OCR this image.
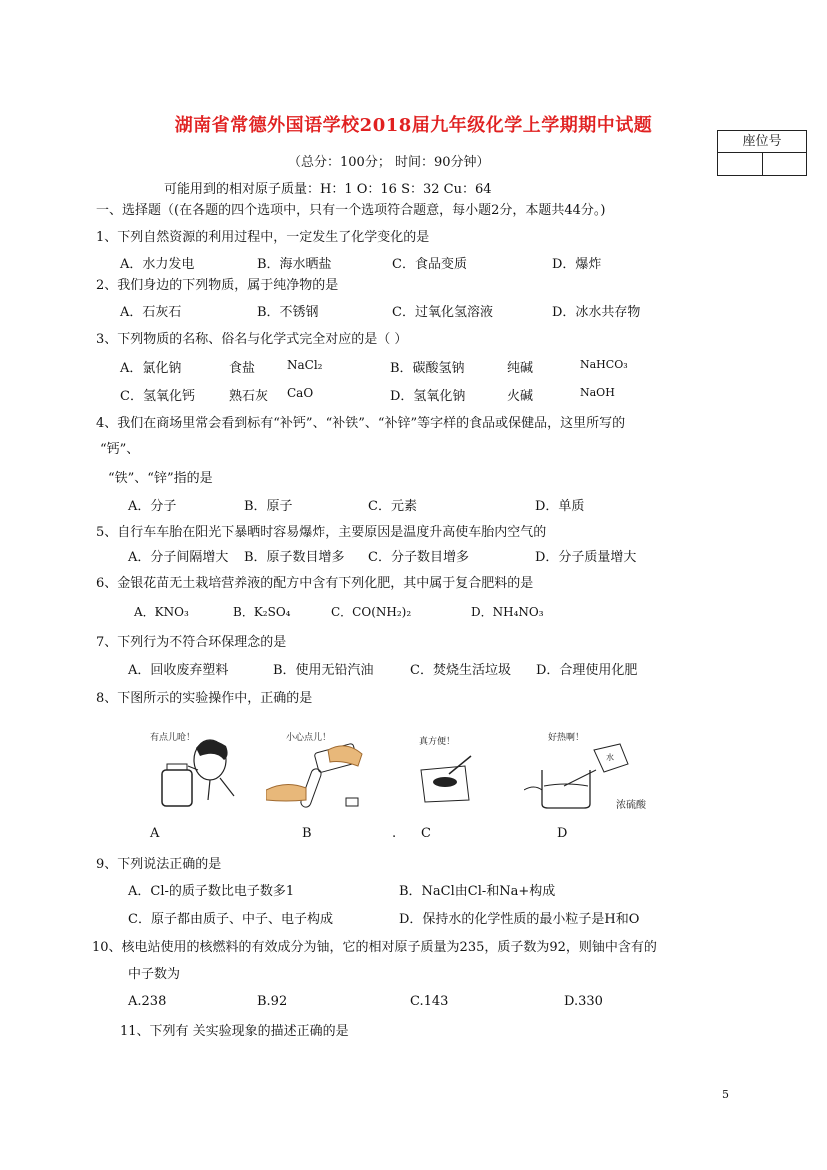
湖南省常德外国语学校2018届九年级化学上学期期中试题
座位号
（总分：100分； 时间：90分钟）
可能用到的相对原子质量：H：1 O：16 S：32 Cu：64
一、选择题（(在各题的四个选项中，只有一个选项符合题意，每小题2分，本题共44分。)
1、下列自然资源的利用过程中，一定发生了化学变化的是
A．水力发电	B．海水晒盐	C．食品变质	D．爆炸
2、我们身边的下列物质，属于纯净物的是
A．石灰石	B．不锈钢	C．过氧化氢溶液	D．冰水共存物
3、下列物质的名称、俗名与化学式完全对应的是（ ）
A．氯化钠	食盐	NaCl₂	B．碳酸氢钠	纯碱	NaHCO₃
C．氢氧化钙	熟石灰 CaO	D．氢氧化钠	火碱	NaOH
4、我们在商场里常会看到标有“补钙”、“补铁”、“补锌”等字样的食品或保健品，这里所写的
“钙”、
“铁”、“锌”指的是
A．分子	B．原子	C．元素	D．单质
5、自行车车胎在阳光下暴晒时容易爆炸，主要原因是温度升高使车胎内空气的
A．分子间隔增大 B．原子数目增多 C．分子数目增多	D．分子质量增大
6、金银花苗无土栽培营养液的配方中含有下列化肥，其中属于复合肥料的是
A．KNO₃	B．K₂SO₄	C．CO(NH₂)₂	D．NH₄NO₃
7、下列行为不符合环保理念的是
A．回收废弃塑料	B．使用无铅汽油	C．焚烧生活垃圾 D．合理使用化肥
8、下图所示的实验操作中，正确的是
有点儿呛！	小心点儿！	真方便！	好热啊！
水
浓硫酸
A	B	. C	D
9、下列说法正确的是
A．Cl-的质子数比电子数多1	B．NaCl由Cl-和Na+构成
C．原子都由质子、中子、电子构成	D．保持水的化学性质的最小粒子是H和O
10、核电站使用的核燃料的有效成分为铀，它的相对原子质量为235，质子数为92，则铀中含有的
中子数为
A.238	B.92	C.143	D.330
11、下列有 关实验现象的描述正确的是
5
